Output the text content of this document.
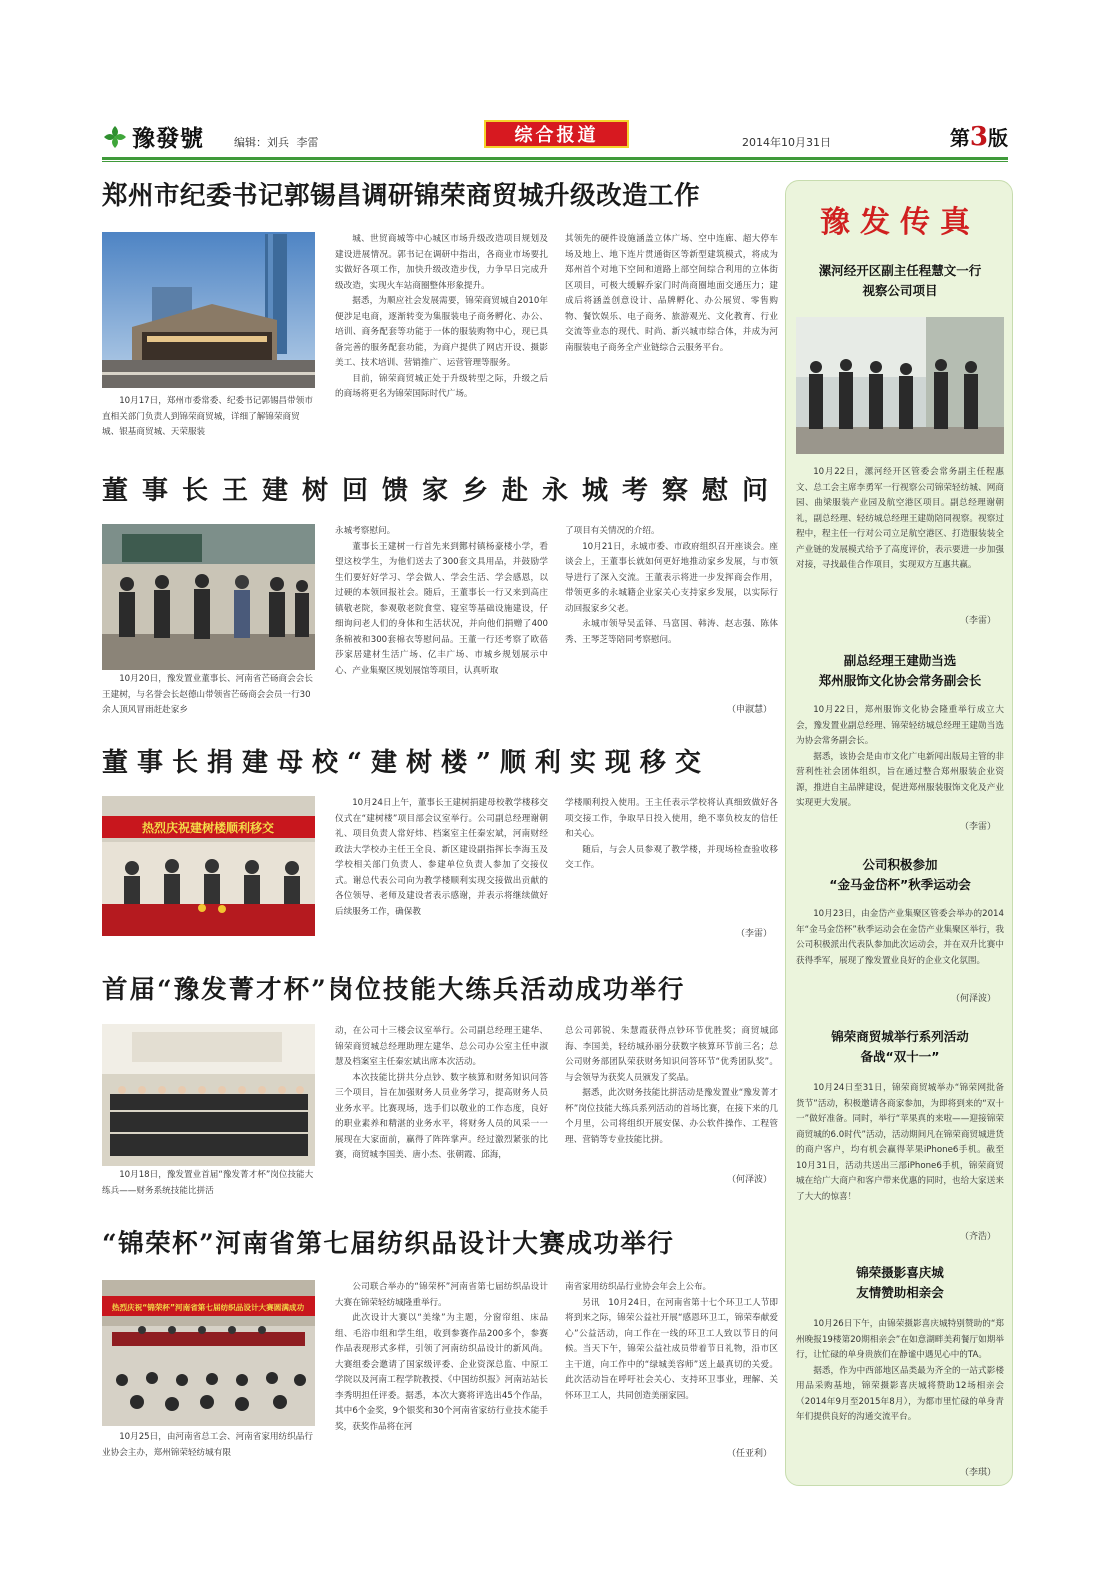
豫發號	编辑：刘兵 李雷	综合报道	2014年10月31日	第3版
郑州市纪委书记郭锡昌调研锦荣商贸城升级改造工作
10月17日，郑州市委常委、纪委书记郭锡昌带领市直相关部门负责人到锦荣商贸城，详细了解锦荣商贸城、银基商贸城、天荣服装

城、世贸商城等中心城区市场升级改造项目规划及建设进展情况。郭书记在调研中指出，各商业市场要扎实做好各项工作，加快升级改造步伐，力争早日完成升级改造，实现火车站商圈整体形象提升。

据悉，为顺应社会发展需要，锦荣商贸城自2010年便涉足电商，逐渐转变为集服装电子商务孵化、办公、培训、商务配套等功能于一体的服装购物中心，现已具备完善的服务配套功能，为商户提供了网店开设、摄影美工、技术培训、营销推广、运营管理等服务。

目前，锦荣商贸城正处于升级转型之际，升级之后的商场将更名为锦荣国际时代广场。

其领先的硬件设施涵盖立体广场、空中连廊、超大停车场及地上、地下连片贯通街区等新型建筑模式，将成为郑州首个对地下空间和道路上部空间综合利用的立体街区项目，可极大缓解乔家门时尚商圈地面交通压力；建成后将涵盖创意设计、品牌孵化、办公展贸、零售购物、餐饮娱乐、电子商务、旅游观光、文化教育、行业交流等业态的现代、时尚、新兴城市综合体，并成为河南服装电子商务全产业链综合云服务平台。

董事长王建树回馈家乡赴永城考察慰问
10月20日，豫发置业董事长、河南省芒砀商会会长王建树，与名誉会长赵德山带领省芒砀商会会员一行30余人顶风冒雨赶赴家乡

永城考察慰问。

董事长王建树一行首先来到酂村镇杨豪楼小学，看望这校学生，为他们送去了300套文具用品，并鼓励学生们要好好学习、学会做人、学会生活、学会感恩，以过硬的本领回报社会。随后，王董事长一行又来到高庄镇敬老院，参观敬老院食堂、寝室等基础设施建设，仔细询问老人们的身体和生活状况，并向他们捐赠了400条棉被和300套棉衣等慰问品。王董一行还考察了欧蓓莎家居建材生活广场、亿丰广场、市城乡规划展示中心、产业集聚区规划展馆等项目，认真听取

了项目有关情况的介绍。

10月21日，永城市委、市政府组织召开座谈会。座谈会上，王董事长就如何更好地推动家乡发展，与市领导进行了深入交流。王董表示将进一步发挥商会作用，带领更多的永城籍企业家关心支持家乡发展，以实际行动回报家乡父老。

永城市领导吴孟铎、马富国、韩涛、赵志强、陈体秀、王琴芝等陪同考察慰问。

（申淑慧）
董事长捐建母校“建树楼”顺利实现移交
热烈庆祝建树楼顺利移交

10月24日上午，董事长王建树捐建母校教学楼移交仪式在“建树楼”项目部会议室举行。公司副总经理谢朝礼、项目负责人常好炜、档案室主任秦宏斌，河南财经政法大学校办主任王全良、新区建设副指挥长李海玉及学校相关部门负责人、参建单位负责人参加了交接仪式。谢总代表公司向为教学楼顺利实现交接做出贡献的各位领导、老师及建设者表示感谢，并表示将继续做好后续服务工作，确保教

学楼顺利投入使用。王主任表示学校将认真细致做好各项交接工作，争取早日投入使用，绝不辜负校友的信任和关心。

随后，与会人员参观了教学楼，并现场检查验收移交工作。

（李雷）
首届“豫发菁才杯”岗位技能大练兵活动成功举行
10月18日，豫发置业首届“豫发菁才杯”岗位技能大练兵——财务系统技能比拼活

动，在公司十三楼会议室举行。公司副总经理王建华、锦荣商贸城总经理助理左建华、总公司办公室主任申淑慧及档案室主任秦宏斌出席本次活动。

本次技能比拼共分点钞、数字核算和财务知识问答三个项目，旨在加强财务人员业务学习，提高财务人员业务水平。比赛现场，选手们以敬业的工作态度，良好的职业素养和精湛的业务水平，将财务人员的风采一一展现在大家面前，赢得了阵阵掌声。经过激烈紧张的比赛，商贸城李国美、唐小杰、张朝霞、邱海，

总公司郭锐、朱慧霞获得点钞环节优胜奖；商贸城邱海、李国美，轻纺城孙丽分获数字核算环节前三名；总公司财务部团队荣获财务知识问答环节“优秀团队奖”。与会领导为获奖人员颁发了奖品。

据悉，此次财务技能比拼活动是豫发置业“豫发菁才杯”岗位技能大练兵系列活动的首场比赛，在接下来的几个月里，公司将组织开展安保、办公软件操作、工程管理、营销等专业技能比拼。

（何泽波）
“锦荣杯”河南省第七届纺织品设计大赛成功举行
热烈庆祝“锦荣杯”河南省第七届纺织品设计大赛圆满成功
10月25日，由河南省总工会、河南省家用纺织品行业协会主办，郑州锦荣轻纺城有限

公司联合举办的“锦荣杯”河南省第七届纺织品设计大赛在锦荣轻纺城隆重举行。

此次设计大赛以“美缘”为主题，分窗帘组、床品组、毛浴巾组和学生组，收到参赛作品200多个，参赛作品表现形式多样，引领了河南纺织品设计的新风尚。大赛组委会邀请了国家级评委、企业资深总监、中原工学院以及河南工程学院教授、《中国纺织报》河南站站长李秀明担任评委。据悉，本次大赛将评选出45个作品，其中6个金奖，9个银奖和30个河南省家纺行业技术能手奖，获奖作品将在河

南省家用纺织品行业协会年会上公布。

另讯　10月24日，在河南省第十七个环卫工人节即将到来之际，锦荣公益社开展“感恩环卫工，锦荣奉献爱心”公益活动，向工作在一线的环卫工人致以节日的问候。当天下午，锦荣公益社成员带着节日礼物，沿市区主干道，向工作中的“绿城美容师”送上最真切的关爱。此次活动旨在呼吁社会关心、支持环卫事业，理解、关怀环卫工人，共同创造美丽家园。

（任亚利）
豫发传真
漯河经开区副主任程慧文一行
视察公司项目

10月22日，漯河经开区管委会常务副主任程惠文、总工会主席李勇军一行视察公司锦荣轻纺城、网商园、曲梁服装产业园及航空港区项目。副总经理谢朝礼，副总经理、轻纺城总经理王建勋陪同视察。视察过程中，程主任一行对公司立足航空港区、打造服装装全产业链的发展模式给予了高度评价，表示要进一步加强对接，寻找最佳合作项目，实现双方互惠共赢。

（李雷）
副总经理王建勋当选
郑州服饰文化协会常务副会长

10月22日，郑州服饰文化协会隆重举行成立大会，豫发置业副总经理、锦荣轻纺城总经理王建勋当选为协会常务副会长。

据悉，该协会是由市文化广电新闻出版局主管的非营利性社会团体组织，旨在通过整合郑州服装企业资源，推进自主品牌建设，促进郑州服装服饰文化及产业实现更大发展。

（李雷）
公司积极参加
“金马金岱杯”秋季运动会

10月23日，由金岱产业集聚区管委会举办的2014年“金马金岱杯”秋季运动会在金岱产业集聚区举行，我公司积极派出代表队参加此次运动会，并在双升比赛中获得季军，展现了豫发置业良好的企业文化氛围。

（何泽波）
锦荣商贸城举行系列活动
备战“双十一”

10月24日至31日，锦荣商贸城举办“锦荣网批备货节”活动，积极邀请各商家参加，为即将到来的“双十一”做好准备。同时，举行“苹果真的来啦——迎接锦荣商贸城的6.0时代”活动，活动期间凡在锦荣商贸城进货的商户客户，均有机会赢得苹果iPhone6手机。截至10月31日，活动共送出三部iPhone6手机，锦荣商贸城在给广大商户和客户带来优惠的同时，也给大家送来了大大的惊喜！

（齐浩）
锦荣摄影喜庆城
友情赞助相亲会

10月26日下午，由锦荣摄影喜庆城特别赞助的“郑州晚报19楼第20期相亲会”在如意湖畔美莉餐厅如期举行，让忙碌的单身贵族们在静谧中遇见心中的TA。

据悉，作为中西部地区品类最为齐全的一站式影楼用品采购基地，锦荣摄影喜庆城将赞助12场相亲会（2014年9月至2015年8月），为都市里忙碌的单身青年们提供良好的沟通交流平台。

（李琪）
